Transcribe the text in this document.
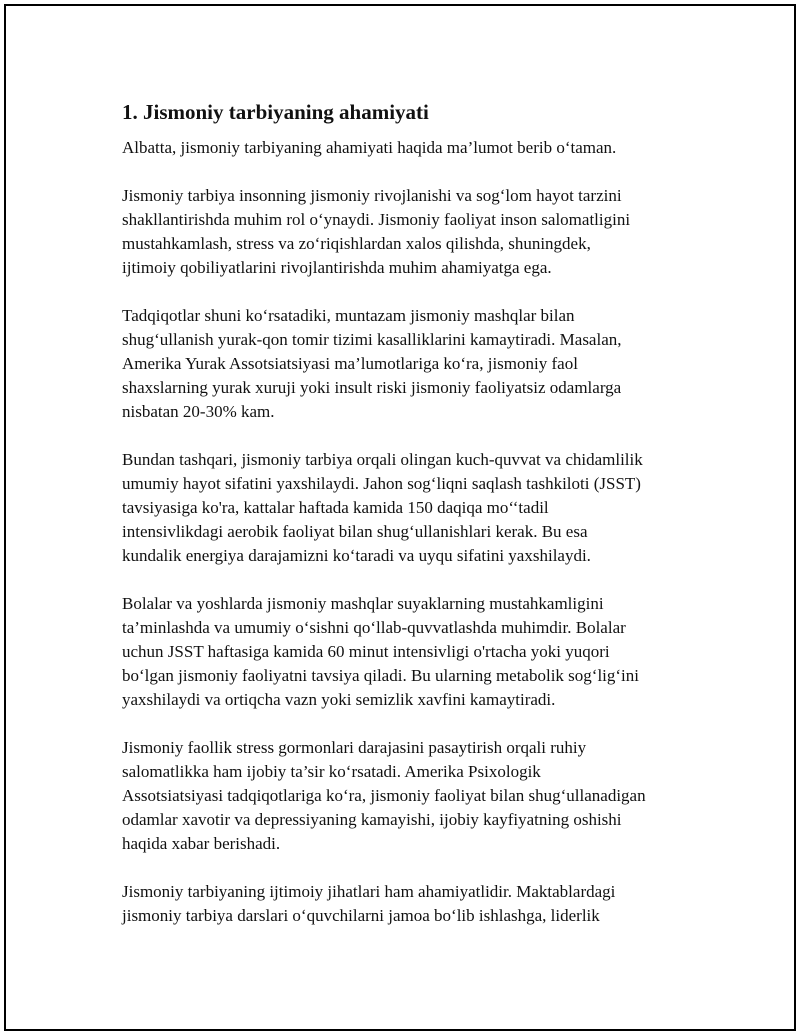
1. Jismoniy tarbiyaning ahamiyati

Albatta, jismoniy tarbiyaning ahamiyati haqida ma’lumot berib o‘taman.

Jismoniy tarbiya insonning jismoniy rivojlanishi va sog‘lom hayot tarzini
shakllantirishda muhim rol o‘ynaydi. Jismoniy faoliyat inson salomatligini
mustahkamlash, stress va zo‘riqishlardan xalos qilishda, shuningdek,
ijtimoiy qobiliyatlarini rivojlantirishda muhim ahamiyatga ega.

Tadqiqotlar shuni ko‘rsatadiki, muntazam jismoniy mashqlar bilan
shug‘ullanish yurak-qon tomir tizimi kasalliklarini kamaytiradi. Masalan,
Amerika Yurak Assotsiatsiyasi ma’lumotlariga ko‘ra, jismoniy faol
shaxslarning yurak xuruji yoki insult riski jismoniy faoliyatsiz odamlarga
nisbatan 20-30% kam.

Bundan tashqari, jismoniy tarbiya orqali olingan kuch-quvvat va chidamlilik
umumiy hayot sifatini yaxshilaydi. Jahon sog‘liqni saqlash tashkiloti (JSST)
tavsiyasiga ko'ra, kattalar haftada kamida 150 daqiqa mo‘‘tadil
intensivlikdagi aerobik faoliyat bilan shug‘ullanishlari kerak. Bu esa
kundalik energiya darajamizni ko‘taradi va uyqu sifatini yaxshilaydi.

Bolalar va yoshlarda jismoniy mashqlar suyaklarning mustahkamligini
ta’minlashda va umumiy o‘sishni qo‘llab-quvvatlashda muhimdir. Bolalar
uchun JSST haftasiga kamida 60 minut intensivligi o'rtacha yoki yuqori
bo‘lgan jismoniy faoliyatni tavsiya qiladi. Bu ularning metabolik sog‘lig‘ini
yaxshilaydi va ortiqcha vazn yoki semizlik xavfini kamaytiradi.

Jismoniy faollik stress gormonlari darajasini pasaytirish orqali ruhiy
salomatlikka ham ijobiy ta’sir ko‘rsatadi. Amerika Psixologik
Assotsiatsiyasi tadqiqotlariga ko‘ra, jismoniy faoliyat bilan shug‘ullanadigan
odamlar xavotir va depressiyaning kamayishi, ijobiy kayfiyatning oshishi
haqida xabar berishadi.

Jismoniy tarbiyaning ijtimoiy jihatlari ham ahamiyatlidir. Maktablardagi
jismoniy tarbiya darslari o‘quvchilarni jamoa bo‘lib ishlashga, liderlik
